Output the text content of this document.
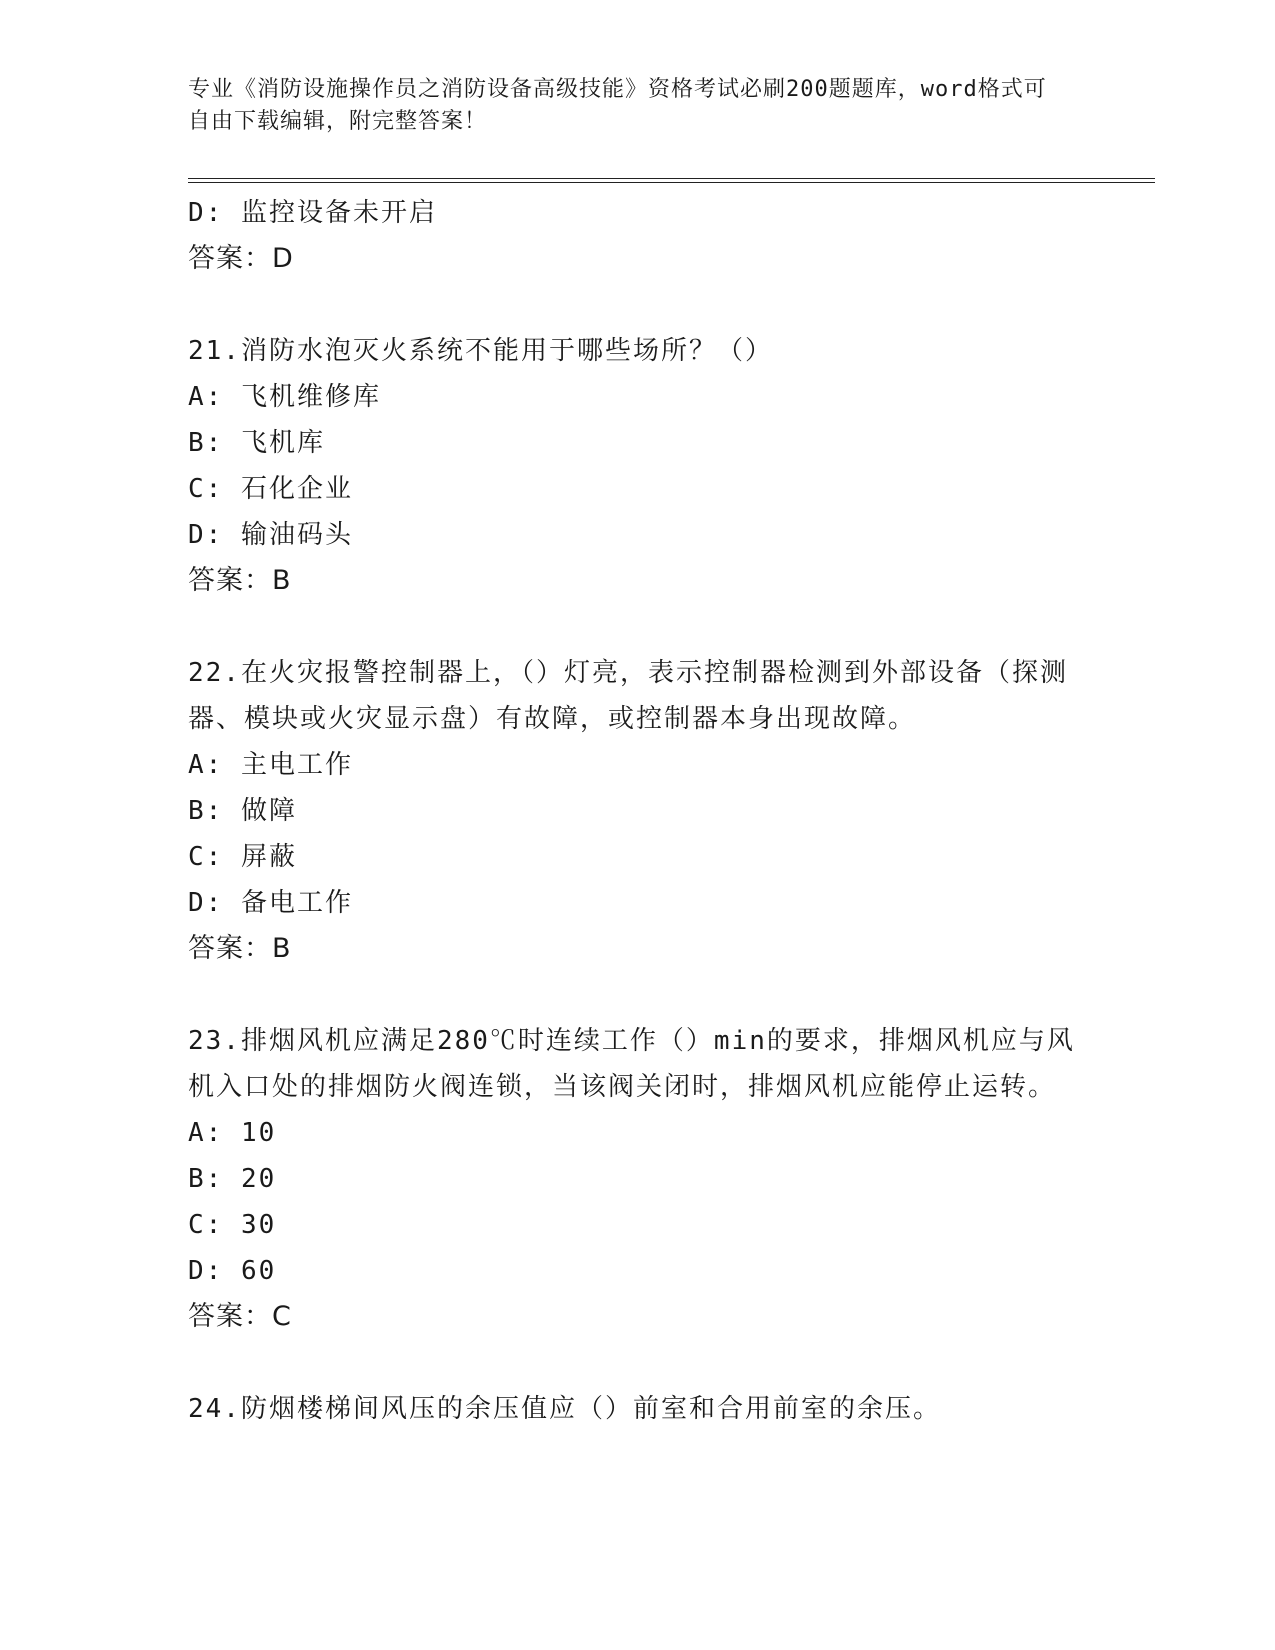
专业《消防设施操作员之消防设备高级技能》资格考试必刷200题题库，word格式可自由下载编辑，附完整答案！
D: 监控设备未开启
答案：D
21.消防水泡灭火系统不能用于哪些场所？（）
A: 飞机维修库
B: 飞机库
C: 石化企业
D: 输油码头
答案：B
22.在火灾报警控制器上，（）灯亮，表示控制器检测到外部设备（探测器、模块或火灾显示盘）有故障，或控制器本身出现故障。
A: 主电工作
B: 做障
C: 屏蔽
D: 备电工作
答案：B
23.排烟风机应满足280℃时连续工作（）min的要求，排烟风机应与风机入口处的排烟防火阀连锁，当该阀关闭时，排烟风机应能停止运转。
A: 10
B: 20
C: 30
D: 60
答案：C
24.防烟楼梯间风压的余压值应（）前室和合用前室的余压。
